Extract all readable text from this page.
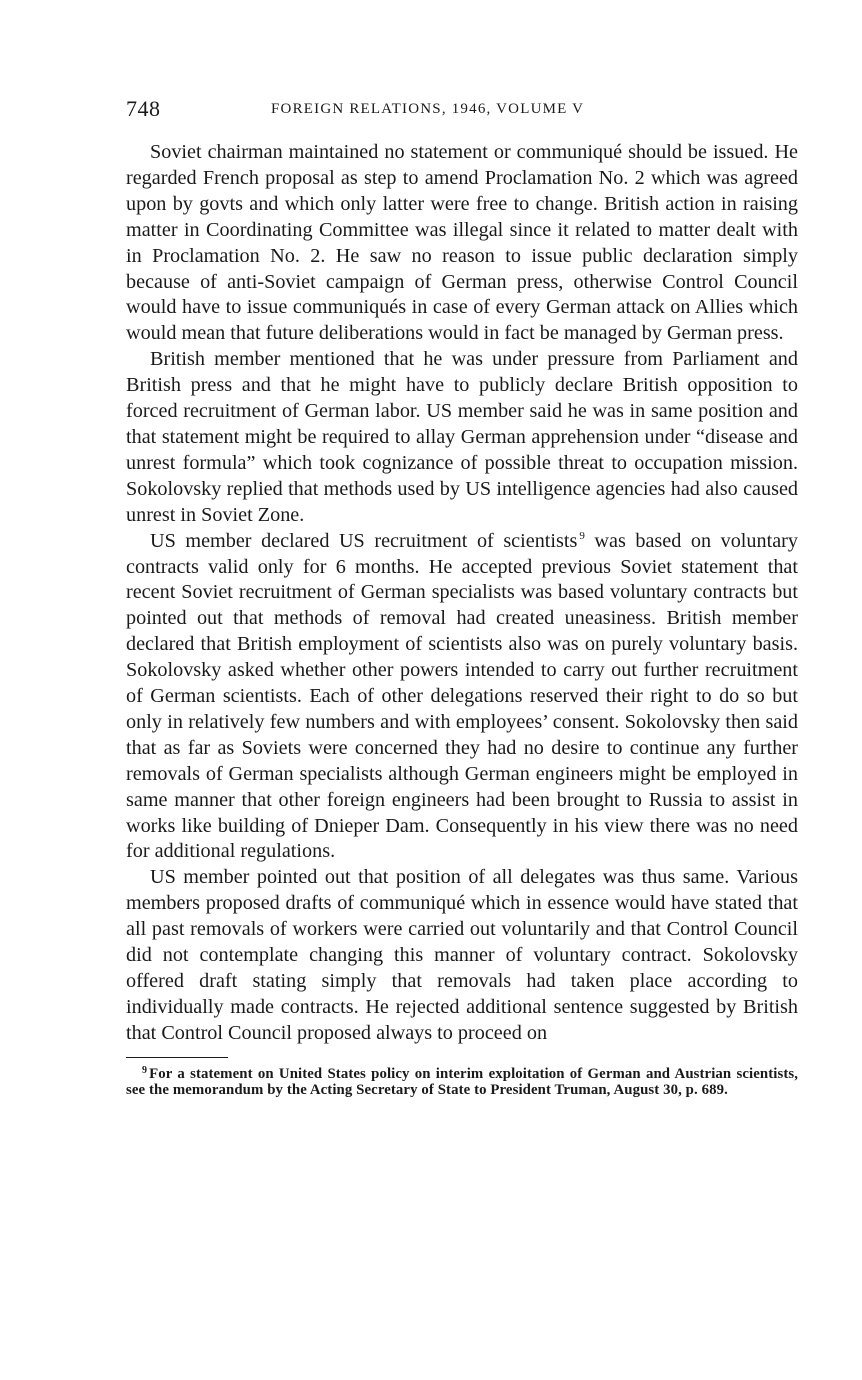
748	FOREIGN RELATIONS, 1946, VOLUME V

Soviet chairman maintained no statement or communiqué should be issued. He regarded French proposal as step to amend Proclamation No. 2 which was agreed upon by govts and which only latter were free to change. British action in raising matter in Coordinating Committee was illegal since it related to matter dealt with in Proclamation No. 2. He saw no reason to issue public declaration simply because of anti-Soviet campaign of German press, otherwise Control Council would have to issue communiqués in case of every German attack on Allies which would mean that future deliberations would in fact be managed by German press.

British member mentioned that he was under pressure from Parliament and British press and that he might have to publicly declare British opposition to forced recruitment of German labor. US member said he was in same position and that statement might be required to allay German apprehension under “disease and unrest formula” which took cognizance of possible threat to occupation mission. Sokolovsky replied that methods used by US intelligence agencies had also caused unrest in Soviet Zone.

US member declared US recruitment of scientists $^9$ was based on voluntary contracts valid only for 6 months. He accepted previous Soviet statement that recent Soviet recruitment of German specialists was based voluntary contracts but pointed out that methods of removal had created uneasiness. British member declared that British employment of scientists also was on purely voluntary basis. Sokolovsky asked whether other powers intended to carry out further recruitment of German scientists. Each of other delegations reserved their right to do so but only in relatively few numbers and with employees’ consent. Sokolovsky then said that as far as Soviets were concerned they had no desire to continue any further removals of German specialists although German engineers might be employed in same manner that other foreign engineers had been brought to Russia to assist in works like building of Dnieper Dam. Consequently in his view there was no need for additional regulations.

US member pointed out that position of all delegates was thus same. Various members proposed drafts of communiqué which in essence would have stated that all past removals of workers were carried out voluntarily and that Control Council did not contemplate changing this manner of voluntary contract. Sokolovsky offered draft stating simply that removals had taken place according to individually made contracts. He rejected additional sentence suggested by British that Control Council proposed always to proceed on

$^9$ For a statement on United States policy on interim exploitation of German and Austrian scientists, see the memorandum by the Acting Secretary of State to President Truman, August 30, p. 689.
